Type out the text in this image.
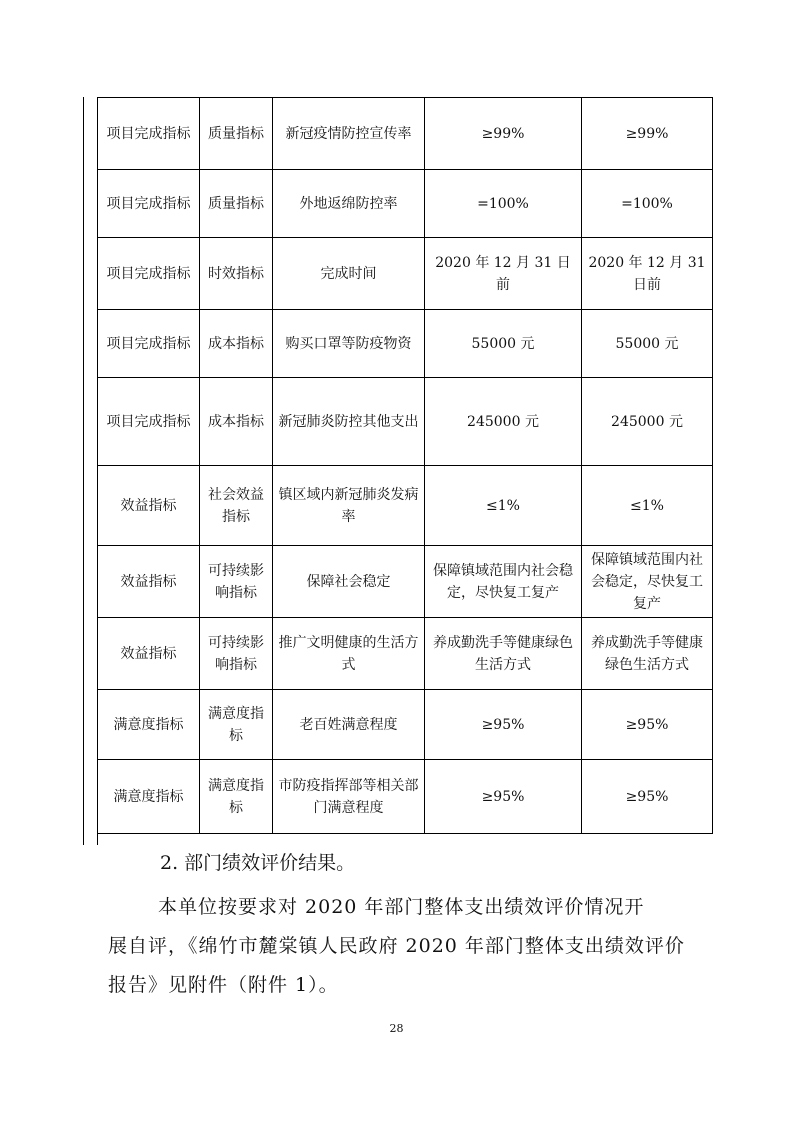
项目完成指标	质量指标	新冠疫情防控宣传率	≥99%	≥99%
项目完成指标	质量指标	外地返绵防控率	=100%	=100%
项目完成指标	时效指标	完成时间	2020 年 12 月 31 日前	2020 年 12 月 31 日前
项目完成指标	成本指标	购买口罩等防疫物资	55000 元	55000 元
项目完成指标	成本指标	新冠肺炎防控其他支出	245000 元	245000 元
效益指标	社会效益指标	镇区域内新冠肺炎发病率	≤1%	≤1%
效益指标	可持续影响指标	保障社会稳定	保障镇域范围内社会稳定，尽快复工复产	保障镇域范围内社会稳定，尽快复工复产
效益指标	可持续影响指标	推广文明健康的生活方式	养成勤洗手等健康绿色生活方式	养成勤洗手等健康绿色生活方式
满意度指标	满意度指标	老百姓满意程度	≥95%	≥95%
满意度指标	满意度指标	市防疫指挥部等相关部门满意程度	≥95%	≥95%
2. 部门绩效评价结果。
本单位按要求对 2020 年部门整体支出绩效评价情况开
展自评，《绵竹市麓棠镇人民政府 2020 年部门整体支出绩效评价报告》见附件（附件 1）。
28
